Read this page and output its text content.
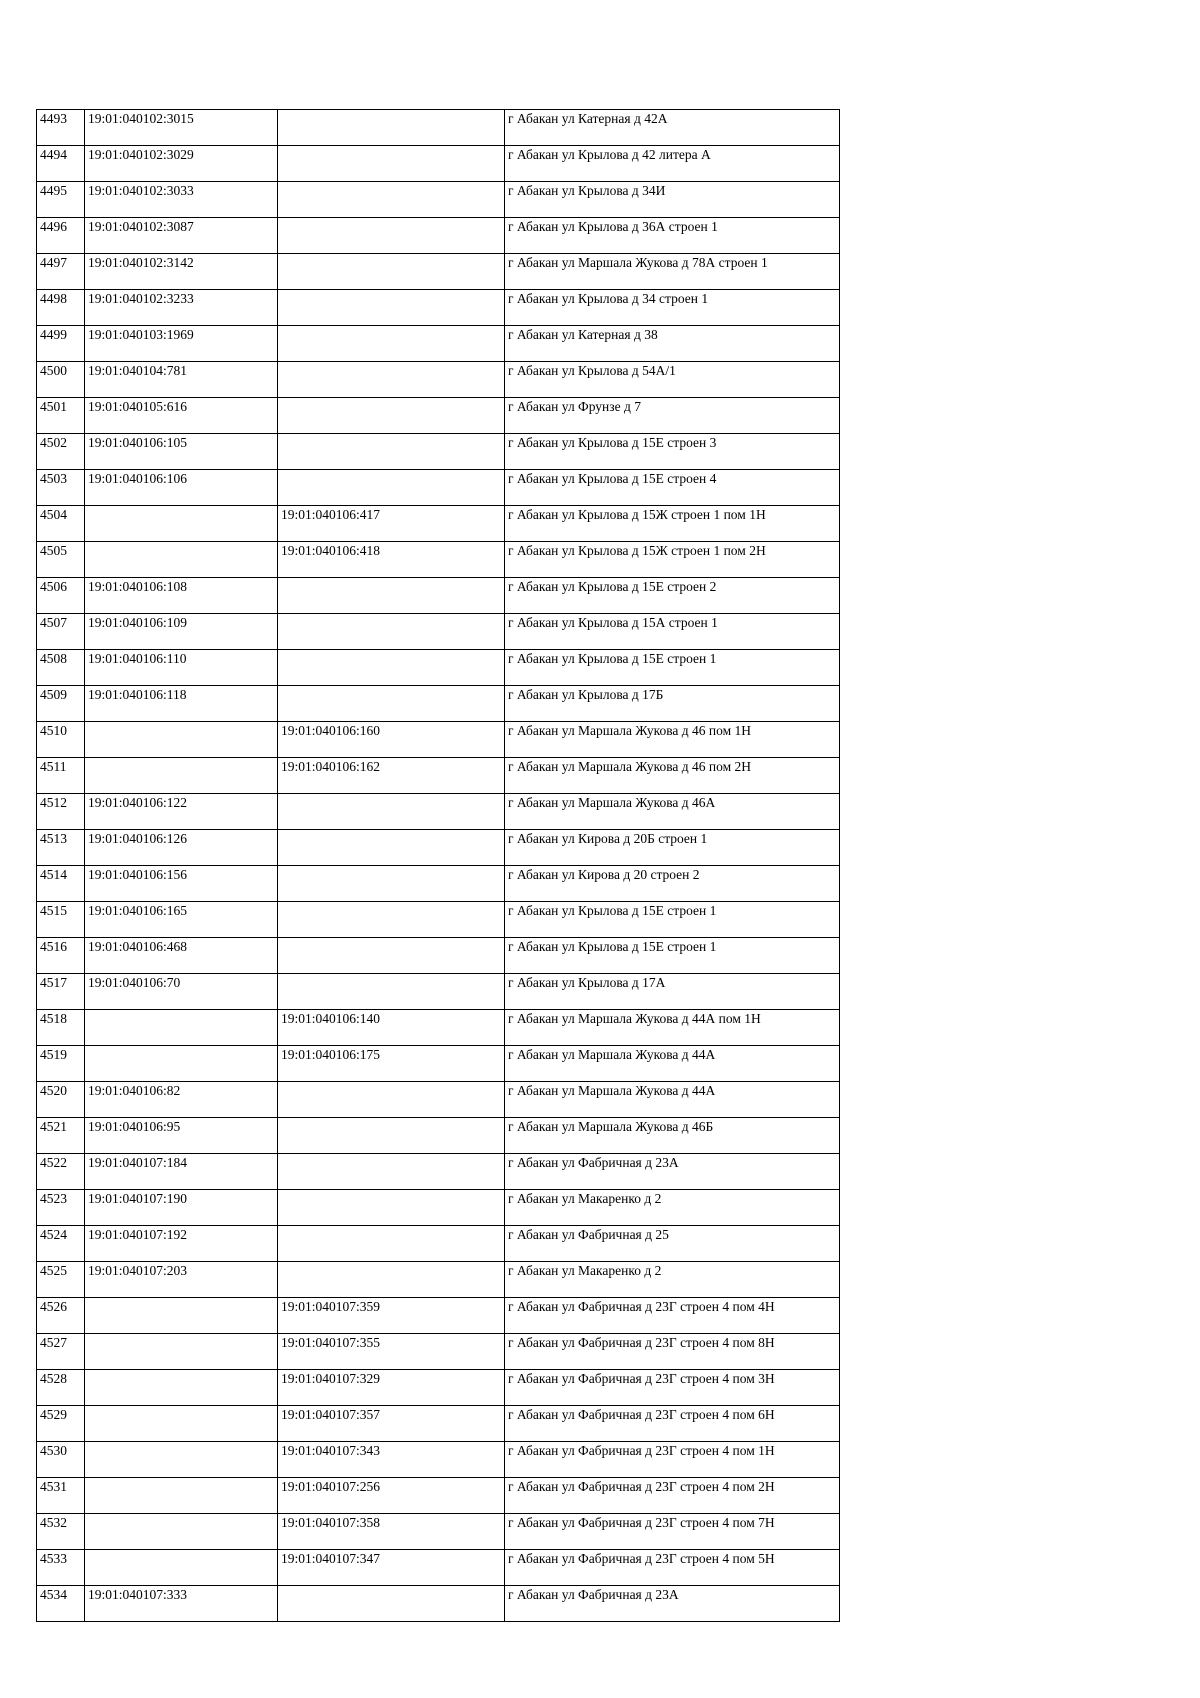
4493	19:01:040102:3015		г Абакан ул Катерная д 42А
4494	19:01:040102:3029		г Абакан ул Крылова д 42 литера А
4495	19:01:040102:3033		г Абакан ул Крылова д 34И
4496	19:01:040102:3087		г Абакан ул Крылова д 36А строен 1
4497	19:01:040102:3142		г Абакан ул Маршала Жукова д 78А строен 1
4498	19:01:040102:3233		г Абакан ул Крылова д 34 строен 1
4499	19:01:040103:1969		г Абакан ул Катерная д 38
4500	19:01:040104:781		г Абакан ул Крылова д 54А/1
4501	19:01:040105:616		г Абакан ул Фрунзе д 7
4502	19:01:040106:105		г Абакан ул Крылова д 15Е строен 3
4503	19:01:040106:106		г Абакан ул Крылова д 15Е строен 4
4504		19:01:040106:417	г Абакан ул Крылова д 15Ж строен 1 пом 1Н
4505		19:01:040106:418	г Абакан ул Крылова д 15Ж строен 1 пом 2Н
4506	19:01:040106:108		г Абакан ул Крылова д 15Е строен 2
4507	19:01:040106:109		г Абакан ул Крылова д 15А строен 1
4508	19:01:040106:110		г Абакан ул Крылова д 15Е строен 1
4509	19:01:040106:118		г Абакан ул Крылова д 17Б
4510		19:01:040106:160	г Абакан ул Маршала Жукова д 46 пом 1Н
4511		19:01:040106:162	г Абакан ул Маршала Жукова д 46 пом 2Н
4512	19:01:040106:122		г Абакан ул Маршала Жукова д 46А
4513	19:01:040106:126		г Абакан ул Кирова д 20Б строен 1
4514	19:01:040106:156		г Абакан ул Кирова д 20 строен 2
4515	19:01:040106:165		г Абакан ул Крылова д 15Е строен 1
4516	19:01:040106:468		г Абакан ул Крылова д 15Е строен 1
4517	19:01:040106:70		г Абакан ул Крылова д 17А
4518		19:01:040106:140	г Абакан ул Маршала Жукова д 44А пом 1Н
4519		19:01:040106:175	г Абакан ул Маршала Жукова д 44А
4520	19:01:040106:82		г Абакан ул Маршала Жукова д 44А
4521	19:01:040106:95		г Абакан ул Маршала Жукова д 46Б
4522	19:01:040107:184		г Абакан ул Фабричная д 23А
4523	19:01:040107:190		г Абакан ул Макаренко д 2
4524	19:01:040107:192		г Абакан ул Фабричная д 25
4525	19:01:040107:203		г Абакан ул Макаренко д 2
4526		19:01:040107:359	г Абакан ул Фабричная д 23Г строен 4 пом 4Н
4527		19:01:040107:355	г Абакан ул Фабричная д 23Г строен 4 пом 8Н
4528		19:01:040107:329	г Абакан ул Фабричная д 23Г строен 4 пом 3Н
4529		19:01:040107:357	г Абакан ул Фабричная д 23Г строен 4 пом 6Н
4530		19:01:040107:343	г Абакан ул Фабричная д 23Г строен 4 пом 1Н
4531		19:01:040107:256	г Абакан ул Фабричная д 23Г строен 4 пом 2Н
4532		19:01:040107:358	г Абакан ул Фабричная д 23Г строен 4 пом 7Н
4533		19:01:040107:347	г Абакан ул Фабричная д 23Г строен 4 пом 5Н
4534	19:01:040107:333		г Абакан ул Фабричная д 23А
